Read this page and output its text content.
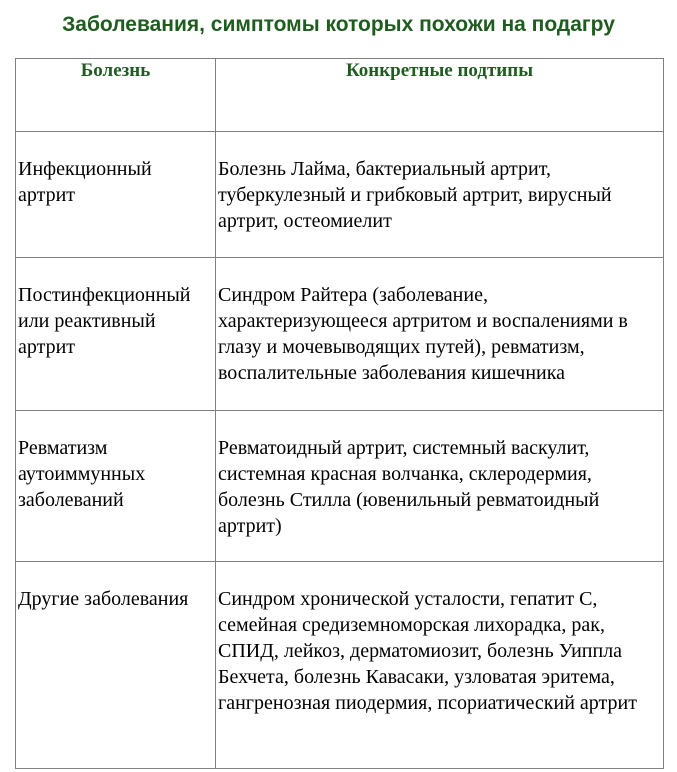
Заболевания, симптомы которых похожи на подагру
Болезнь	Конкретные подтипы

Инфекционный артрит	Болезнь Лайма, бактериальный артрит, туберкулезный и грибковый артрит, вирусный артрит, остеомиелит

Постинфекционный или реактивный артрит	Синдром Райтера (заболевание, характеризующееся артритом и воспалениями в глазу и мочевыводящих путей), ревматизм, воспалительные заболевания кишечника

Ревматизм аутоиммунных заболеваний	Ревматоидный артрит, системный васкулит, системная красная волчанка, склеродермия, болезнь Стилла (ювенильный ревматоидный артрит)

Другие заболевания	Синдром хронической усталости, гепатит C, семейная средиземноморская лихорадка, рак, СПИД, лейкоз, дерматомиозит, болезнь Уиппла Бехчета, болезнь Кавасаки, узловатая эритема, гангренозная пиодермия, псориатический артрит
